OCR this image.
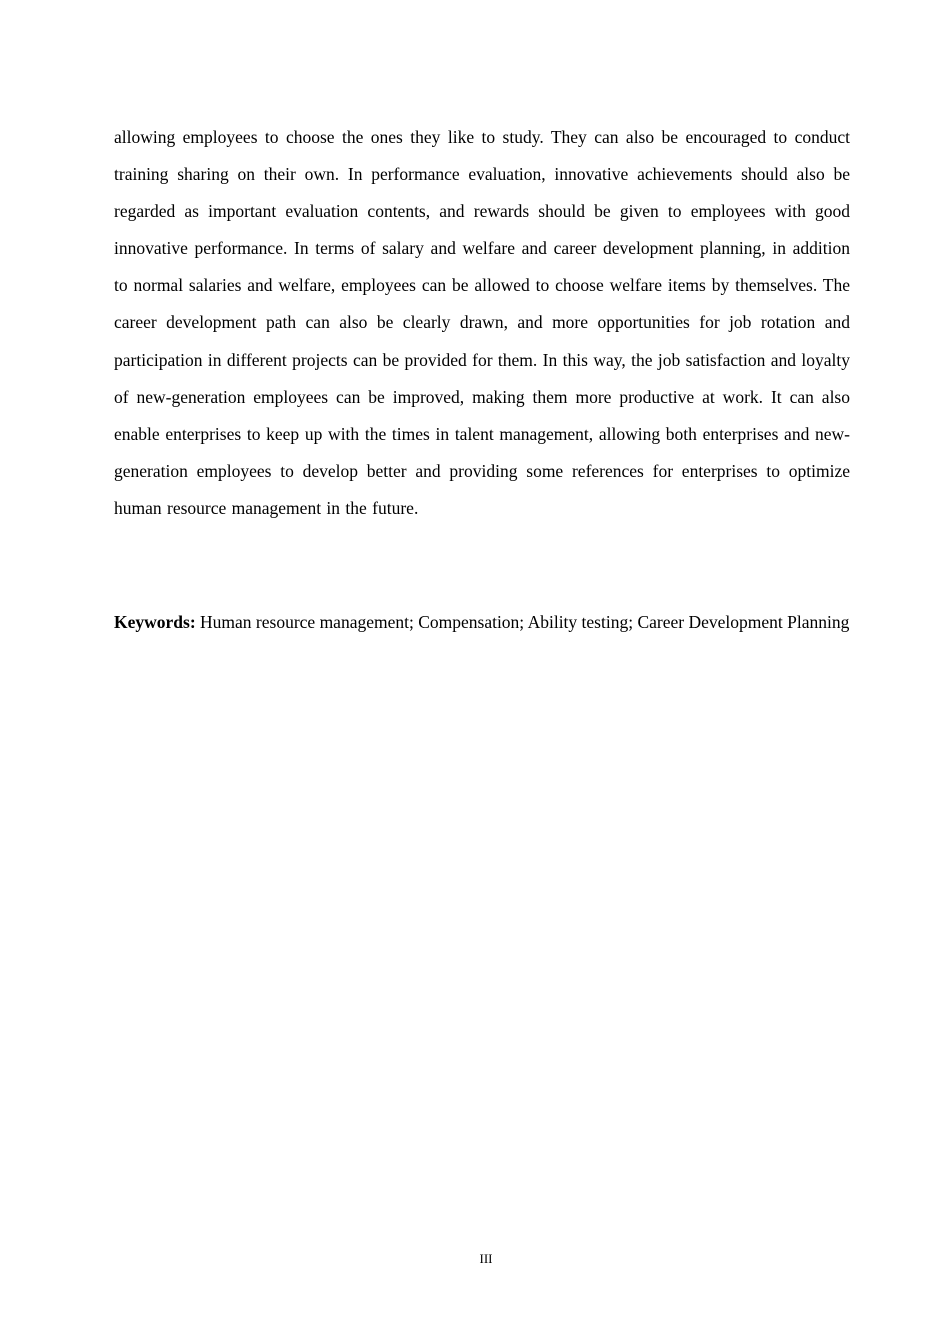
allowing employees to choose the ones they like to study. They can also be encouraged to conduct training sharing on their own. In performance evaluation, innovative achievements should also be regarded as important evaluation contents, and rewards should be given to employees with good innovative performance. In terms of salary and welfare and career development planning, in addition to normal salaries and welfare, employees can be allowed to choose welfare items by themselves. The career development path can also be clearly drawn, and more opportunities for job rotation and participation in different projects can be provided for them. In this way, the job satisfaction and loyalty of new-generation employees can be improved, making them more productive at work. It can also enable enterprises to keep up with the times in talent management, allowing both enterprises and new-generation employees to develop better and providing some references for enterprises to optimize human resource management in the future.

Keywords: Human resource management; Compensation; Ability testing; Career Development Planning

III
